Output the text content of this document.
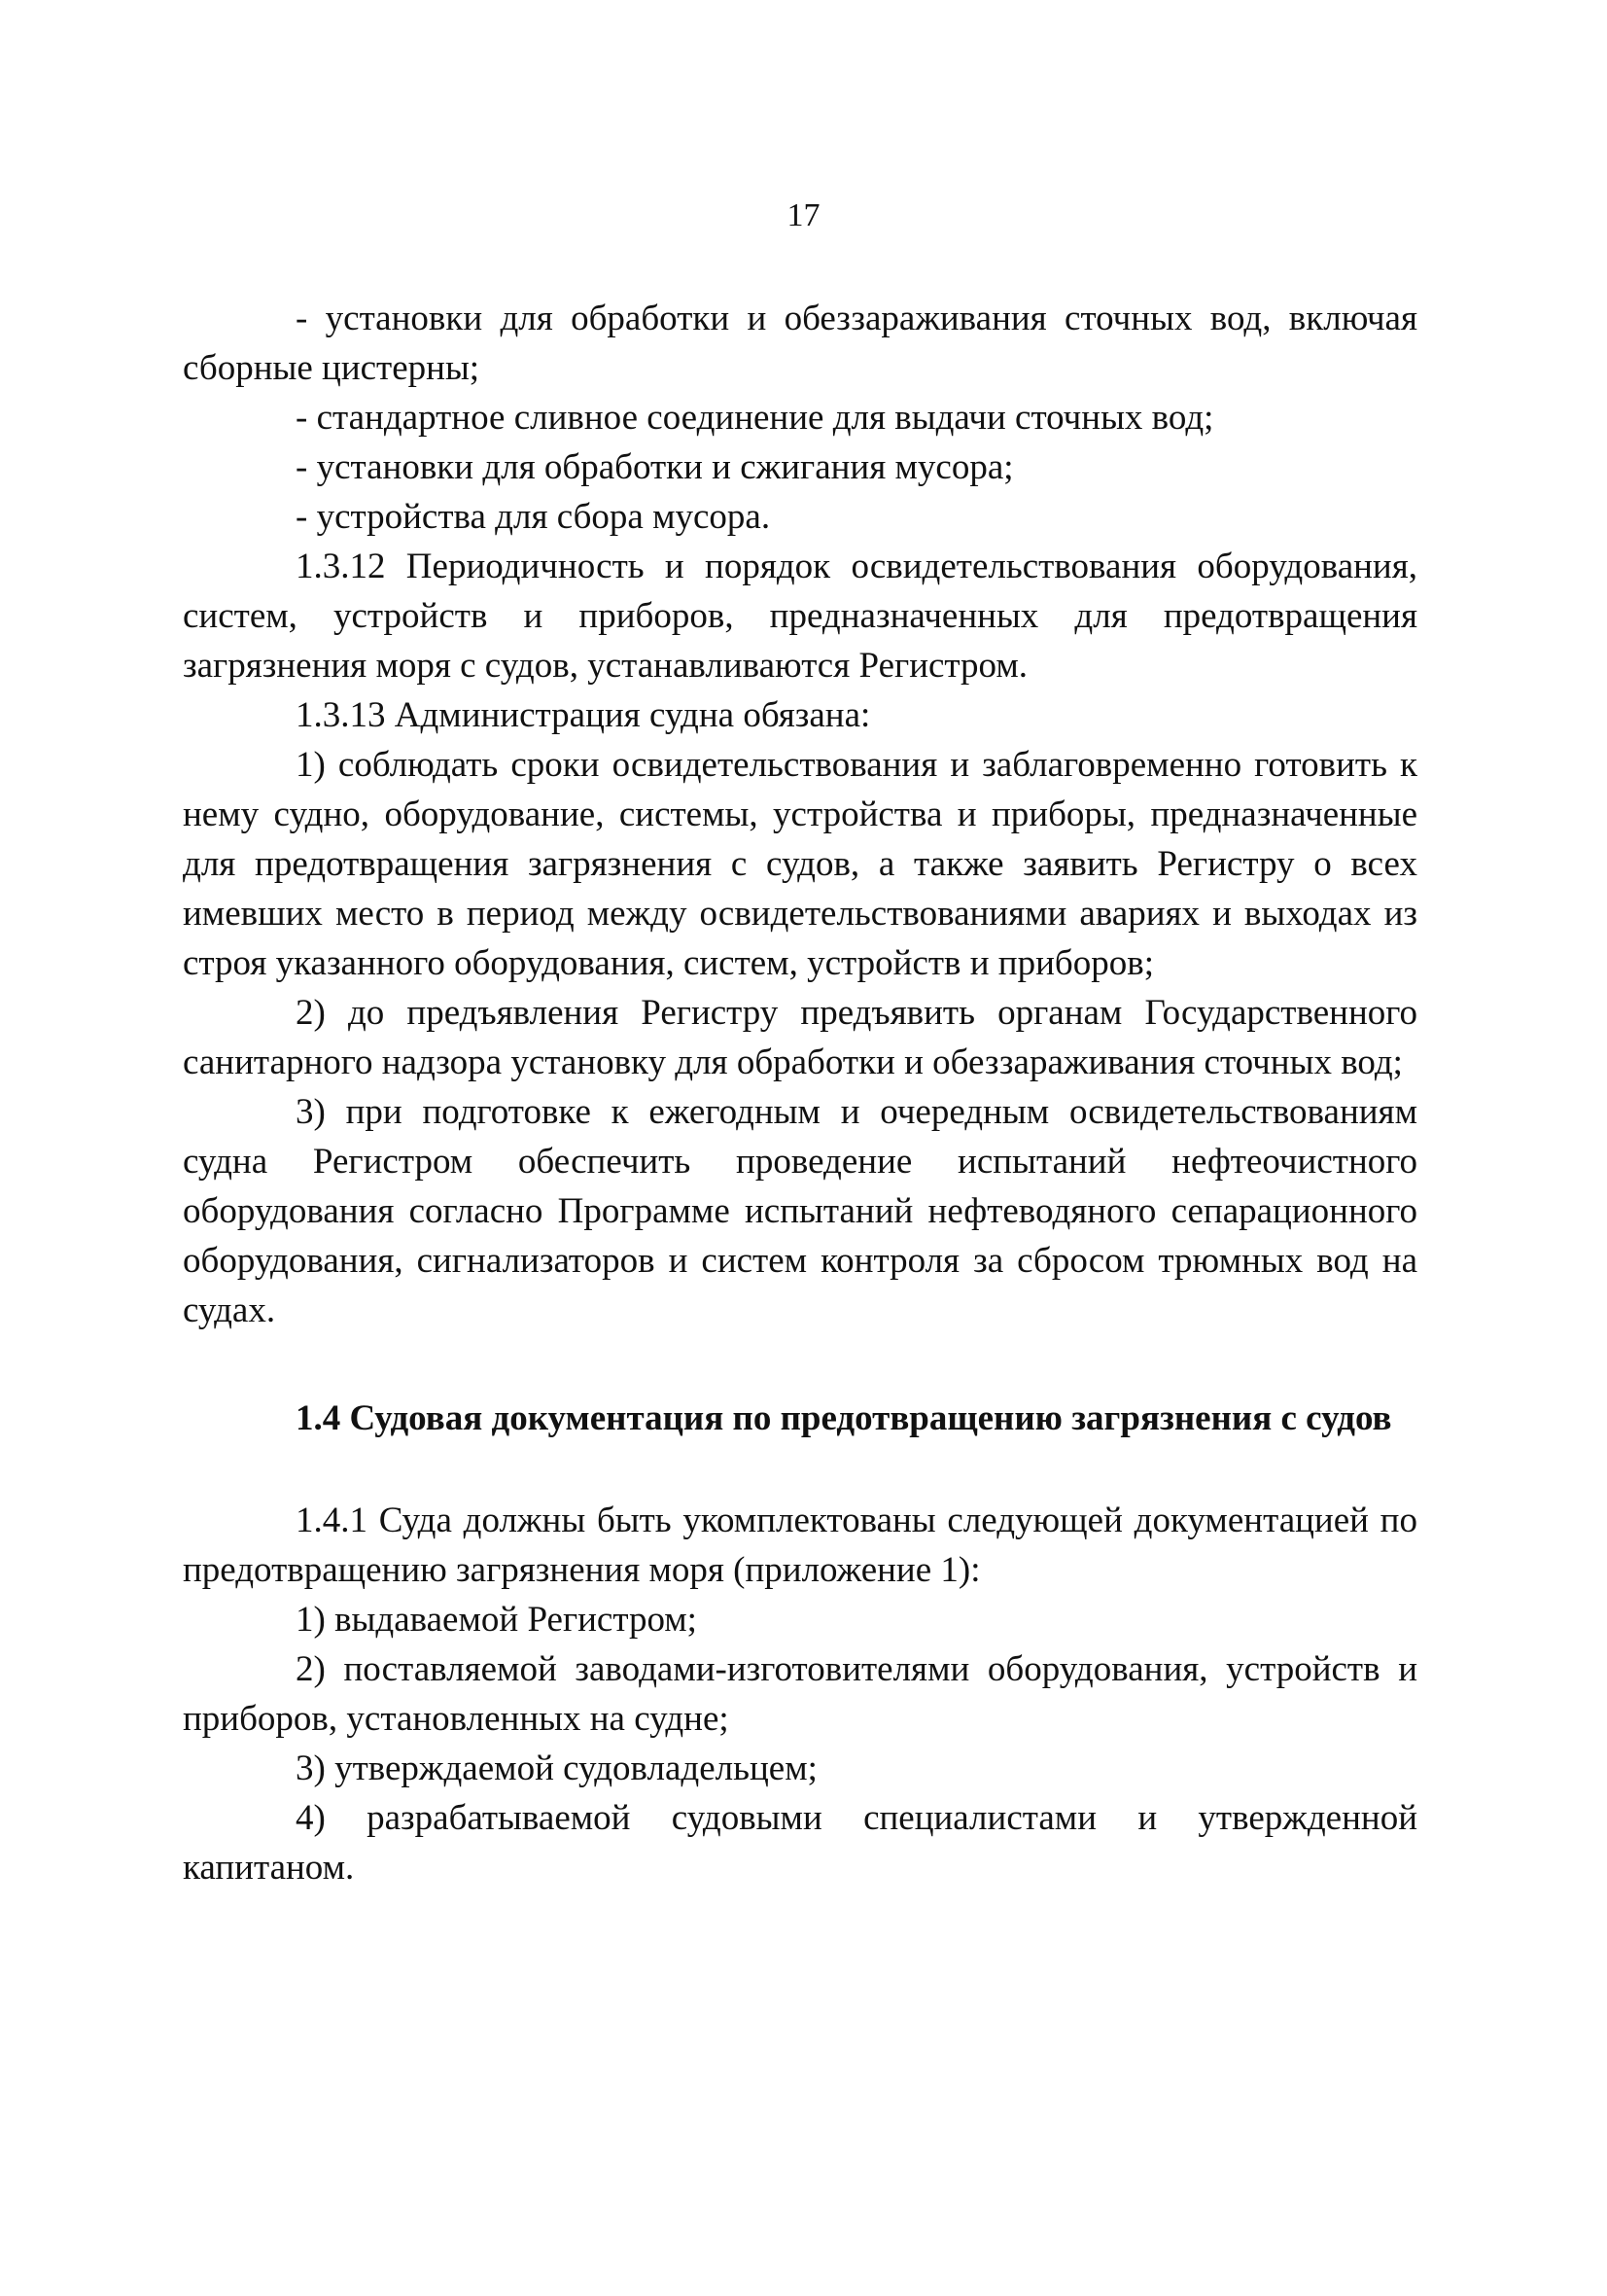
17

- установки для обработки и обеззараживания сточных вод, включая сборные цистерны;

- стандартное сливное соединение для выдачи сточных вод;

- установки для обработки и сжигания мусора;

- устройства для сбора мусора.

1.3.12 Периодичность и порядок освидетельствования оборудования, систем, устройств и приборов, предназначенных для предотвращения загрязнения моря с судов, устанавливаются Регистром.

1.3.13 Администрация судна обязана:

1) соблюдать сроки освидетельствования и заблаговременно готовить к нему судно, оборудование, системы, устройства и приборы, предназначенные для предотвращения загрязнения с судов, а также заявить Регистру о всех имевших место в период между освидетельствованиями авариях и выходах из строя указанного оборудования, систем, устройств и приборов;

2) до предъявления Регистру предъявить органам Государственного санитарного надзора установку для обработки и обеззараживания сточных вод;

3) при подготовке к ежегодным и очередным освидетельствованиям судна Регистром обеспечить проведение испытаний нефтеочистного оборудования согласно Программе испытаний нефтеводяного сепарационного оборудования, сигнализаторов и систем контроля за сбросом трюмных вод на судах.

1.4 Судовая документация по предотвращению загрязнения с судов

1.4.1 Суда должны быть укомплектованы следующей документацией по предотвращению загрязнения моря (приложение 1):

1) выдаваемой Регистром;

2) поставляемой заводами-изготовителями оборудования, устройств и приборов, установленных на судне;

3) утверждаемой судовладельцем;

4) разрабатываемой судовыми специалистами и утвержденной капитаном.
